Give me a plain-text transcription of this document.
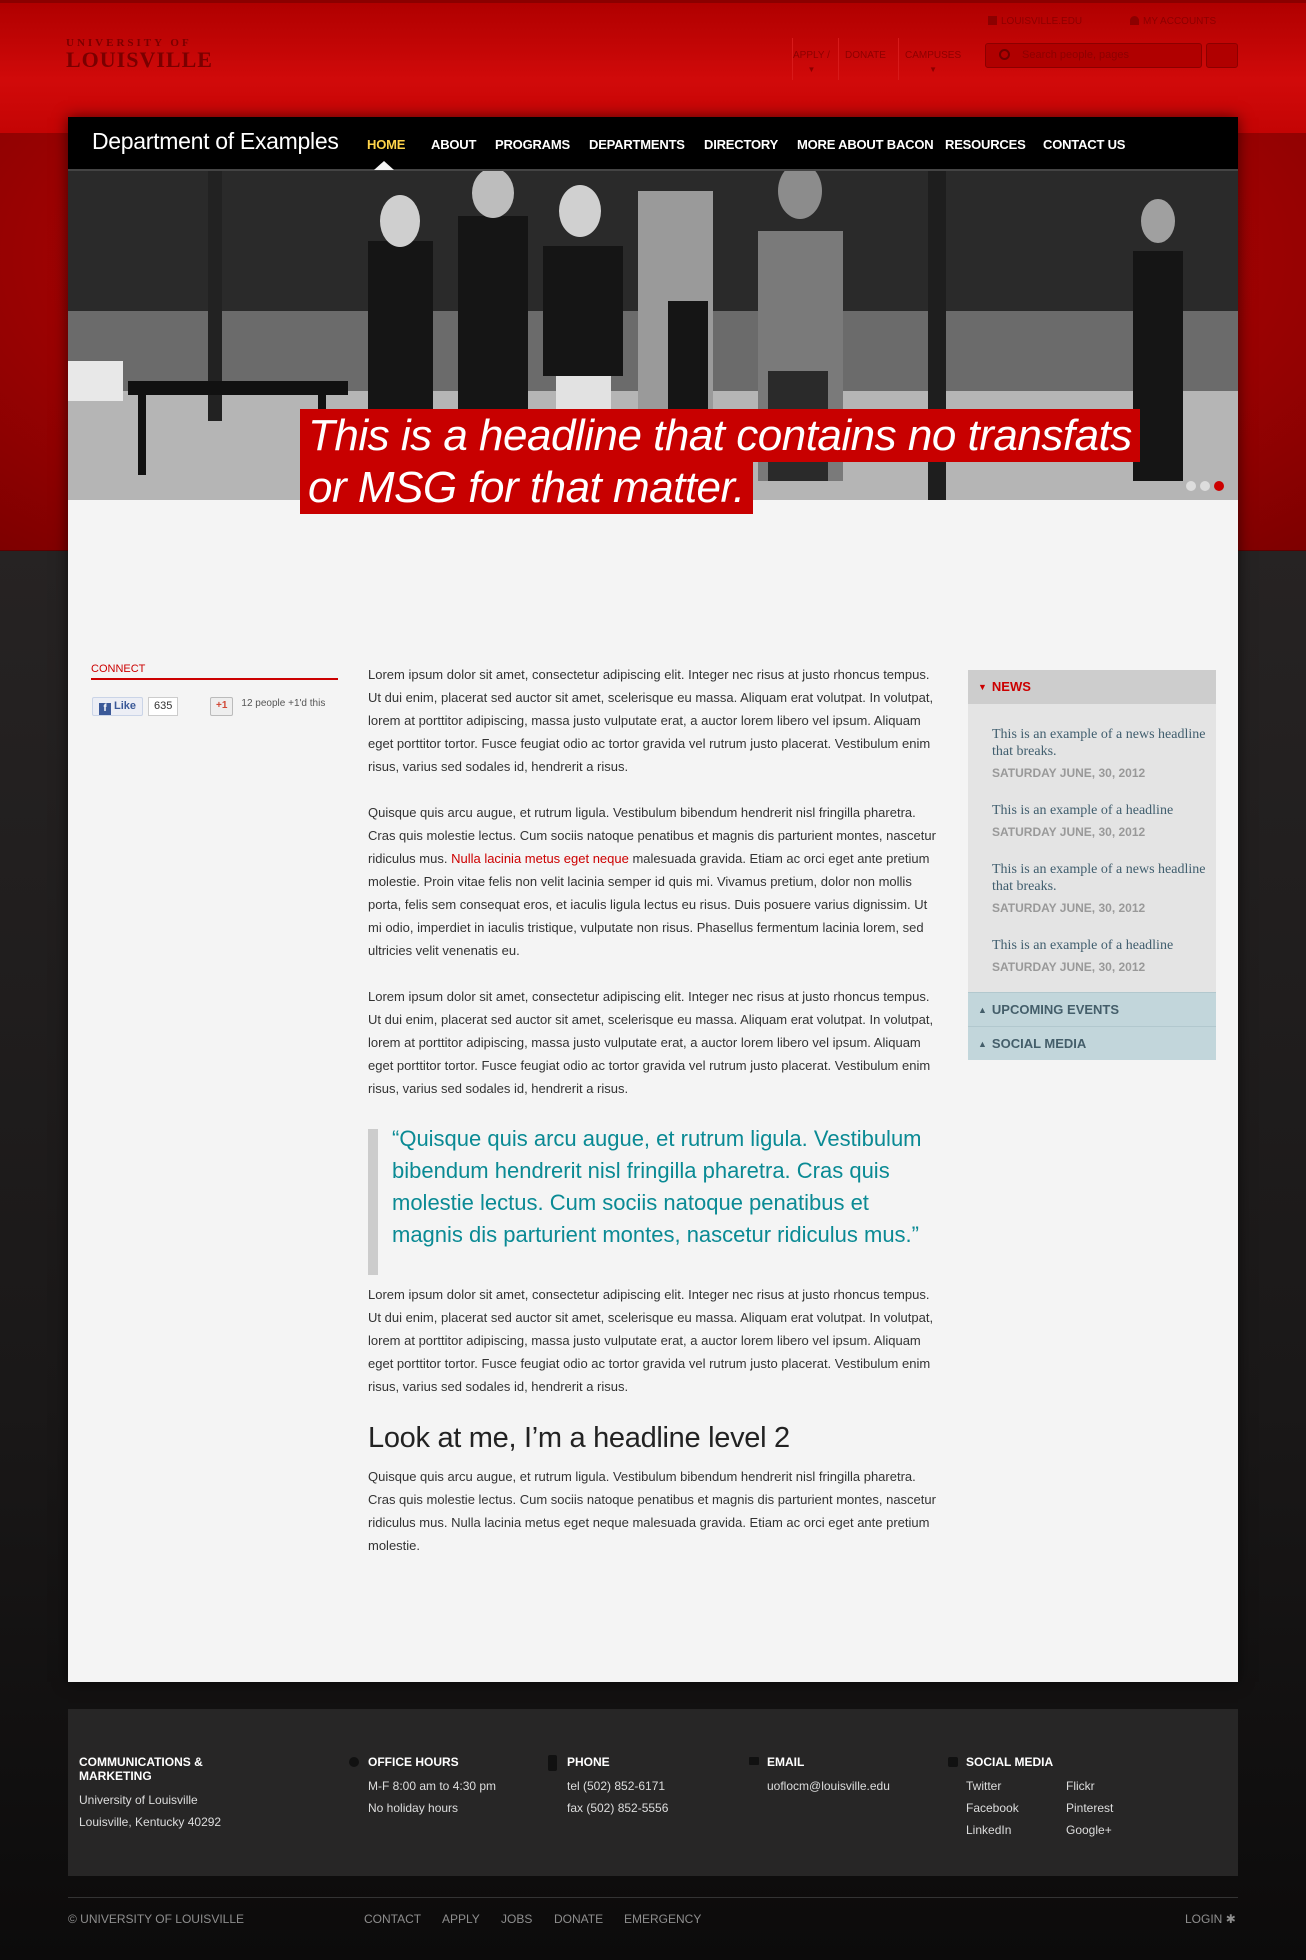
UNIVERSITY OF
LOUISVILLE
LOUISVILLE.EDU	MY ACCOUNTS
APPLY /
▼
DONATE CAMPUSES
▼
Search people, pages
Department of Examples HOME ABOUT PROGRAMS DEPARTMENTS DIRECTORY MORE ABOUT BACON RESOURCES CONTACT US
This is a headline that contains no transfats or MSG for that matter.
CONNECT
f Like 635	+1 12 people +1'd this

Lorem ipsum dolor sit amet, consectetur adipiscing elit. Integer nec risus at justo rhoncus tempus. Ut dui enim, placerat sed auctor sit amet, scelerisque eu massa. Aliquam erat volutpat. In volutpat, lorem at porttitor adipiscing, massa justo vulputate erat, a auctor lorem libero vel ipsum. Aliquam eget porttitor tortor. Fusce feugiat odio ac tortor gravida vel rutrum justo placerat. Vestibulum enim risus, varius sed sodales id, hendrerit a risus.

Quisque quis arcu augue, et rutrum ligula. Vestibulum bibendum hendrerit nisl fringilla pharetra. Cras quis molestie lectus. Cum sociis natoque penatibus et magnis dis parturient montes, nascetur ridiculus mus. Nulla lacinia metus eget neque malesuada gravida. Etiam ac orci eget ante pretium molestie. Proin vitae felis non velit lacinia semper id quis mi. Vivamus pretium, dolor non mollis porta, felis sem consequat eros, et iaculis ligula lectus eu risus. Duis posuere varius dignissim. Ut mi odio, imperdiet in iaculis tristique, vulputate non risus. Phasellus fermentum lacinia lorem, sed ultricies velit venenatis eu.

Lorem ipsum dolor sit amet, consectetur adipiscing elit. Integer nec risus at justo rhoncus tempus. Ut dui enim, placerat sed auctor sit amet, scelerisque eu massa. Aliquam erat volutpat. In volutpat, lorem at porttitor adipiscing, massa justo vulputate erat, a auctor lorem libero vel ipsum. Aliquam eget porttitor tortor. Fusce feugiat odio ac tortor gravida vel rutrum justo placerat. Vestibulum enim risus, varius sed sodales id, hendrerit a risus.

“Quisque quis arcu augue, et rutrum ligula. Vestibulum bibendum hendrerit nisl fringilla pharetra. Cras quis molestie lectus. Cum sociis natoque penatibus et magnis dis parturient montes, nascetur ridiculus mus.”

Lorem ipsum dolor sit amet, consectetur adipiscing elit. Integer nec risus at justo rhoncus tempus. Ut dui enim, placerat sed auctor sit amet, scelerisque eu massa. Aliquam erat volutpat. In volutpat, lorem at porttitor adipiscing, massa justo vulputate erat, a auctor lorem libero vel ipsum. Aliquam eget porttitor tortor. Fusce feugiat odio ac tortor gravida vel rutrum justo placerat. Vestibulum enim risus, varius sed sodales id, hendrerit a risus.

Look at me, I’m a headline level 2

Quisque quis arcu augue, et rutrum ligula. Vestibulum bibendum hendrerit nisl fringilla pharetra. Cras quis molestie lectus. Cum sociis natoque penatibus et magnis dis parturient montes, nascetur ridiculus mus. Nulla lacinia metus eget neque malesuada gravida. Etiam ac orci eget ante pretium molestie.

▼ NEWS
This is an example of a news headline that breaks.
SATURDAY JUNE, 30, 2012
This is an example of a headline
SATURDAY JUNE, 30, 2012
This is an example of a news headline that breaks.
SATURDAY JUNE, 30, 2012
This is an example of a headline
SATURDAY JUNE, 30, 2012
▲ UPCOMING EVENTS
▲ SOCIAL MEDIA
COMMUNICATIONS & MARKETING
University of Louisville
Louisville, Kentucky 40292
OFFICE HOURS
M-F 8:00 am to 4:30 pm
No holiday hours
PHONE
tel (502) 852-6171
fax (502) 852-5556
EMAIL
uoflocm@louisville.edu
SOCIAL MEDIA
Twitter	Flickr
Facebook	Pinterest
LinkedIn	Google+
© UNIVERSITY OF LOUISVILLE	CONTACT APPLY JOBS DONATE EMERGENCY	LOGIN ✱
